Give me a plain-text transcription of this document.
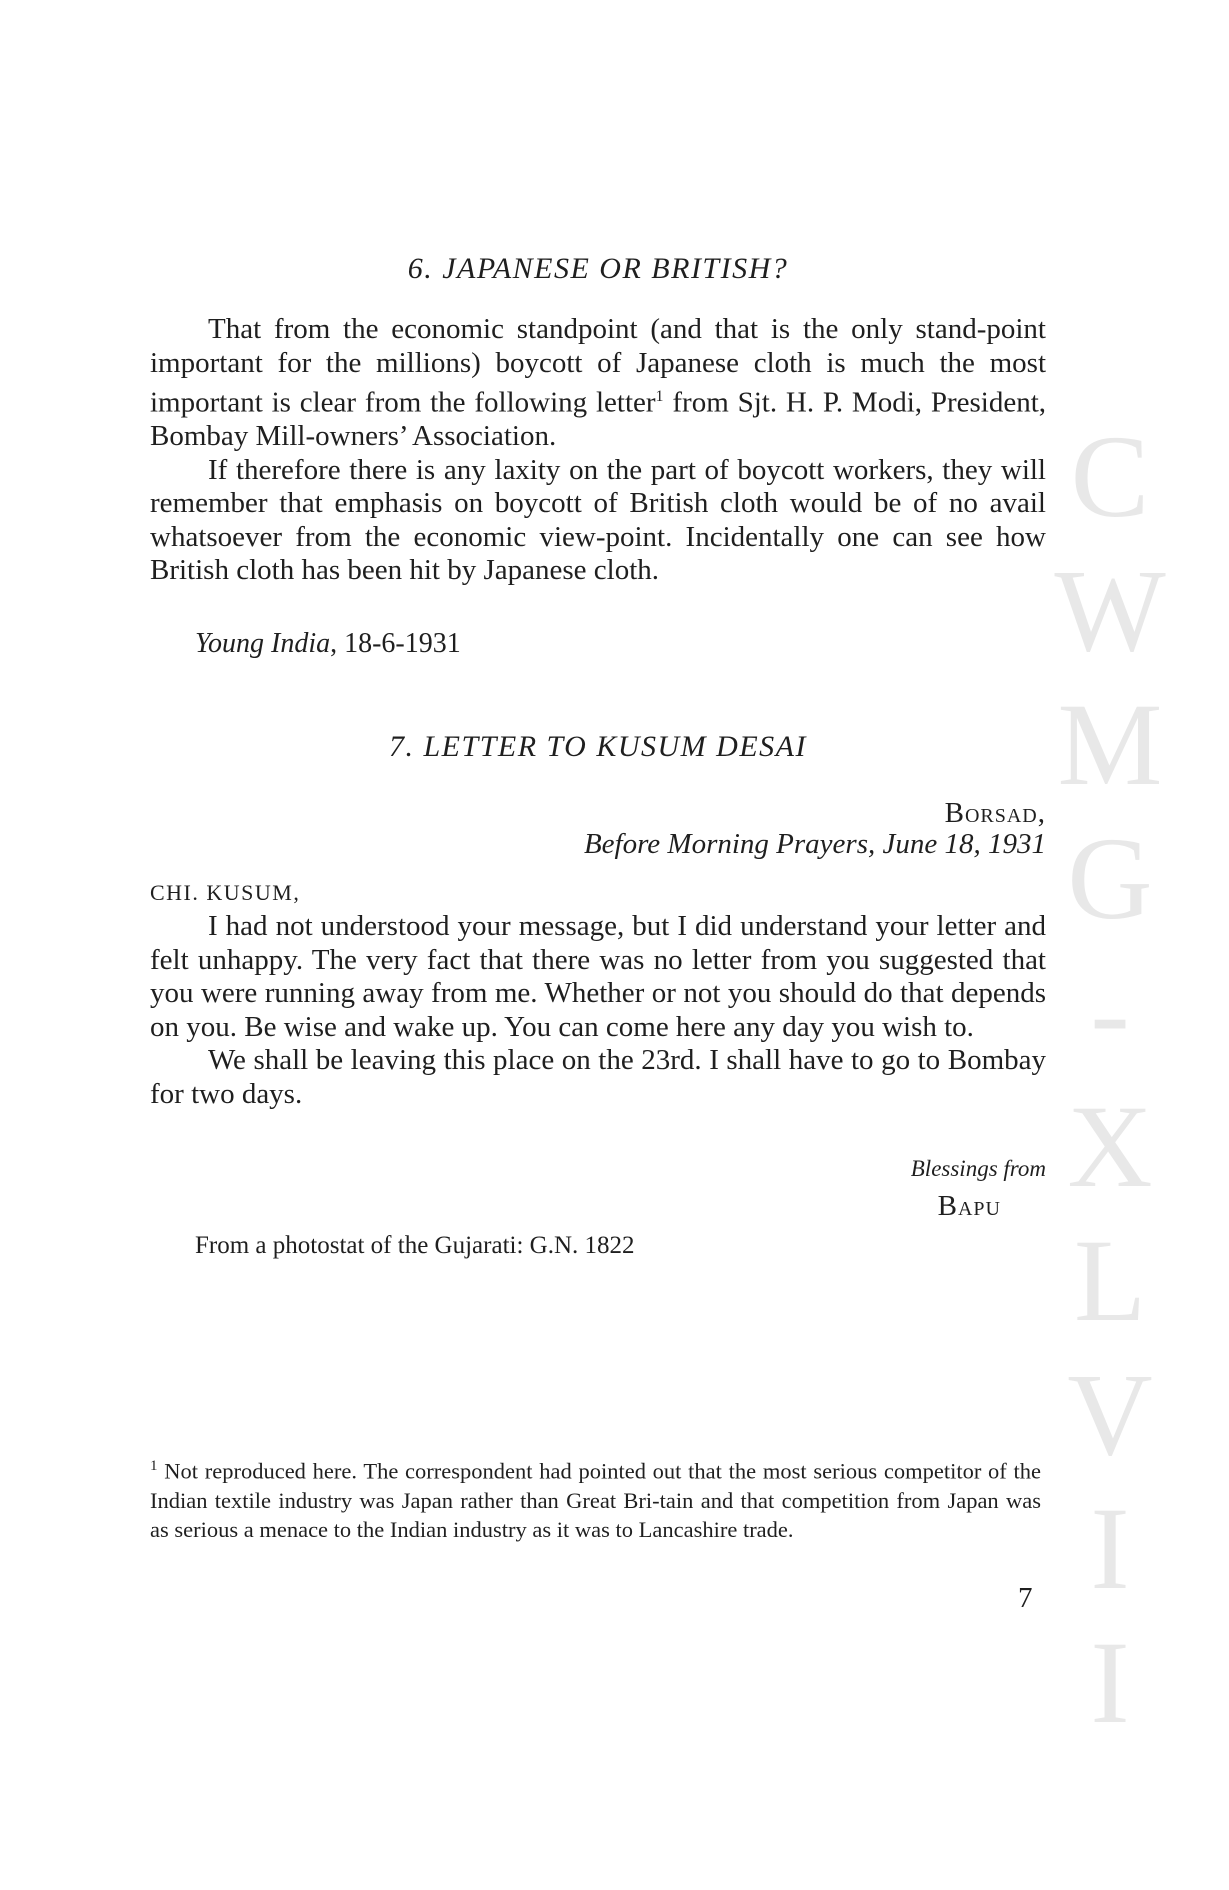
C
W
M
G
-
X
L
V
I
I
6. JAPANESE OR BRITISH?

That from the economic standpoint (and that is the only stand-point important for the millions) boycott of Japanese cloth is much the most important is clear from the following letter$^1$ from Sjt. H. P. Modi, President, Bombay Mill-owners’ Association.

If therefore there is any laxity on the part of boycott workers, they will remember that emphasis on boycott of British cloth would be of no avail whatsoever from the economic view-point. Incidentally one can see how British cloth has been hit by Japanese cloth.

Young India, 18-6-1931
7. LETTER TO KUSUM DESAI
Borsad,
Before Morning Prayers, June 18, 1931
CHI. KUSUM,

I had not understood your message, but I did understand your letter and felt unhappy. The very fact that there was no letter from you suggested that you were running away from me. Whether or not you should do that depends on you. Be wise and wake up. You can come here any day you wish to.

We shall be leaving this place on the 23rd. I shall have to go to Bombay for two days.

Blessings from
Bapu
From a photostat of the Gujarati: G.N. 1822
$^1$ Not reproduced here. The correspondent had pointed out that the most serious competitor of the Indian textile industry was Japan rather than Great Bri-tain and that competition from Japan was as serious a menace to the Indian industry as it was to Lancashire trade.
7
